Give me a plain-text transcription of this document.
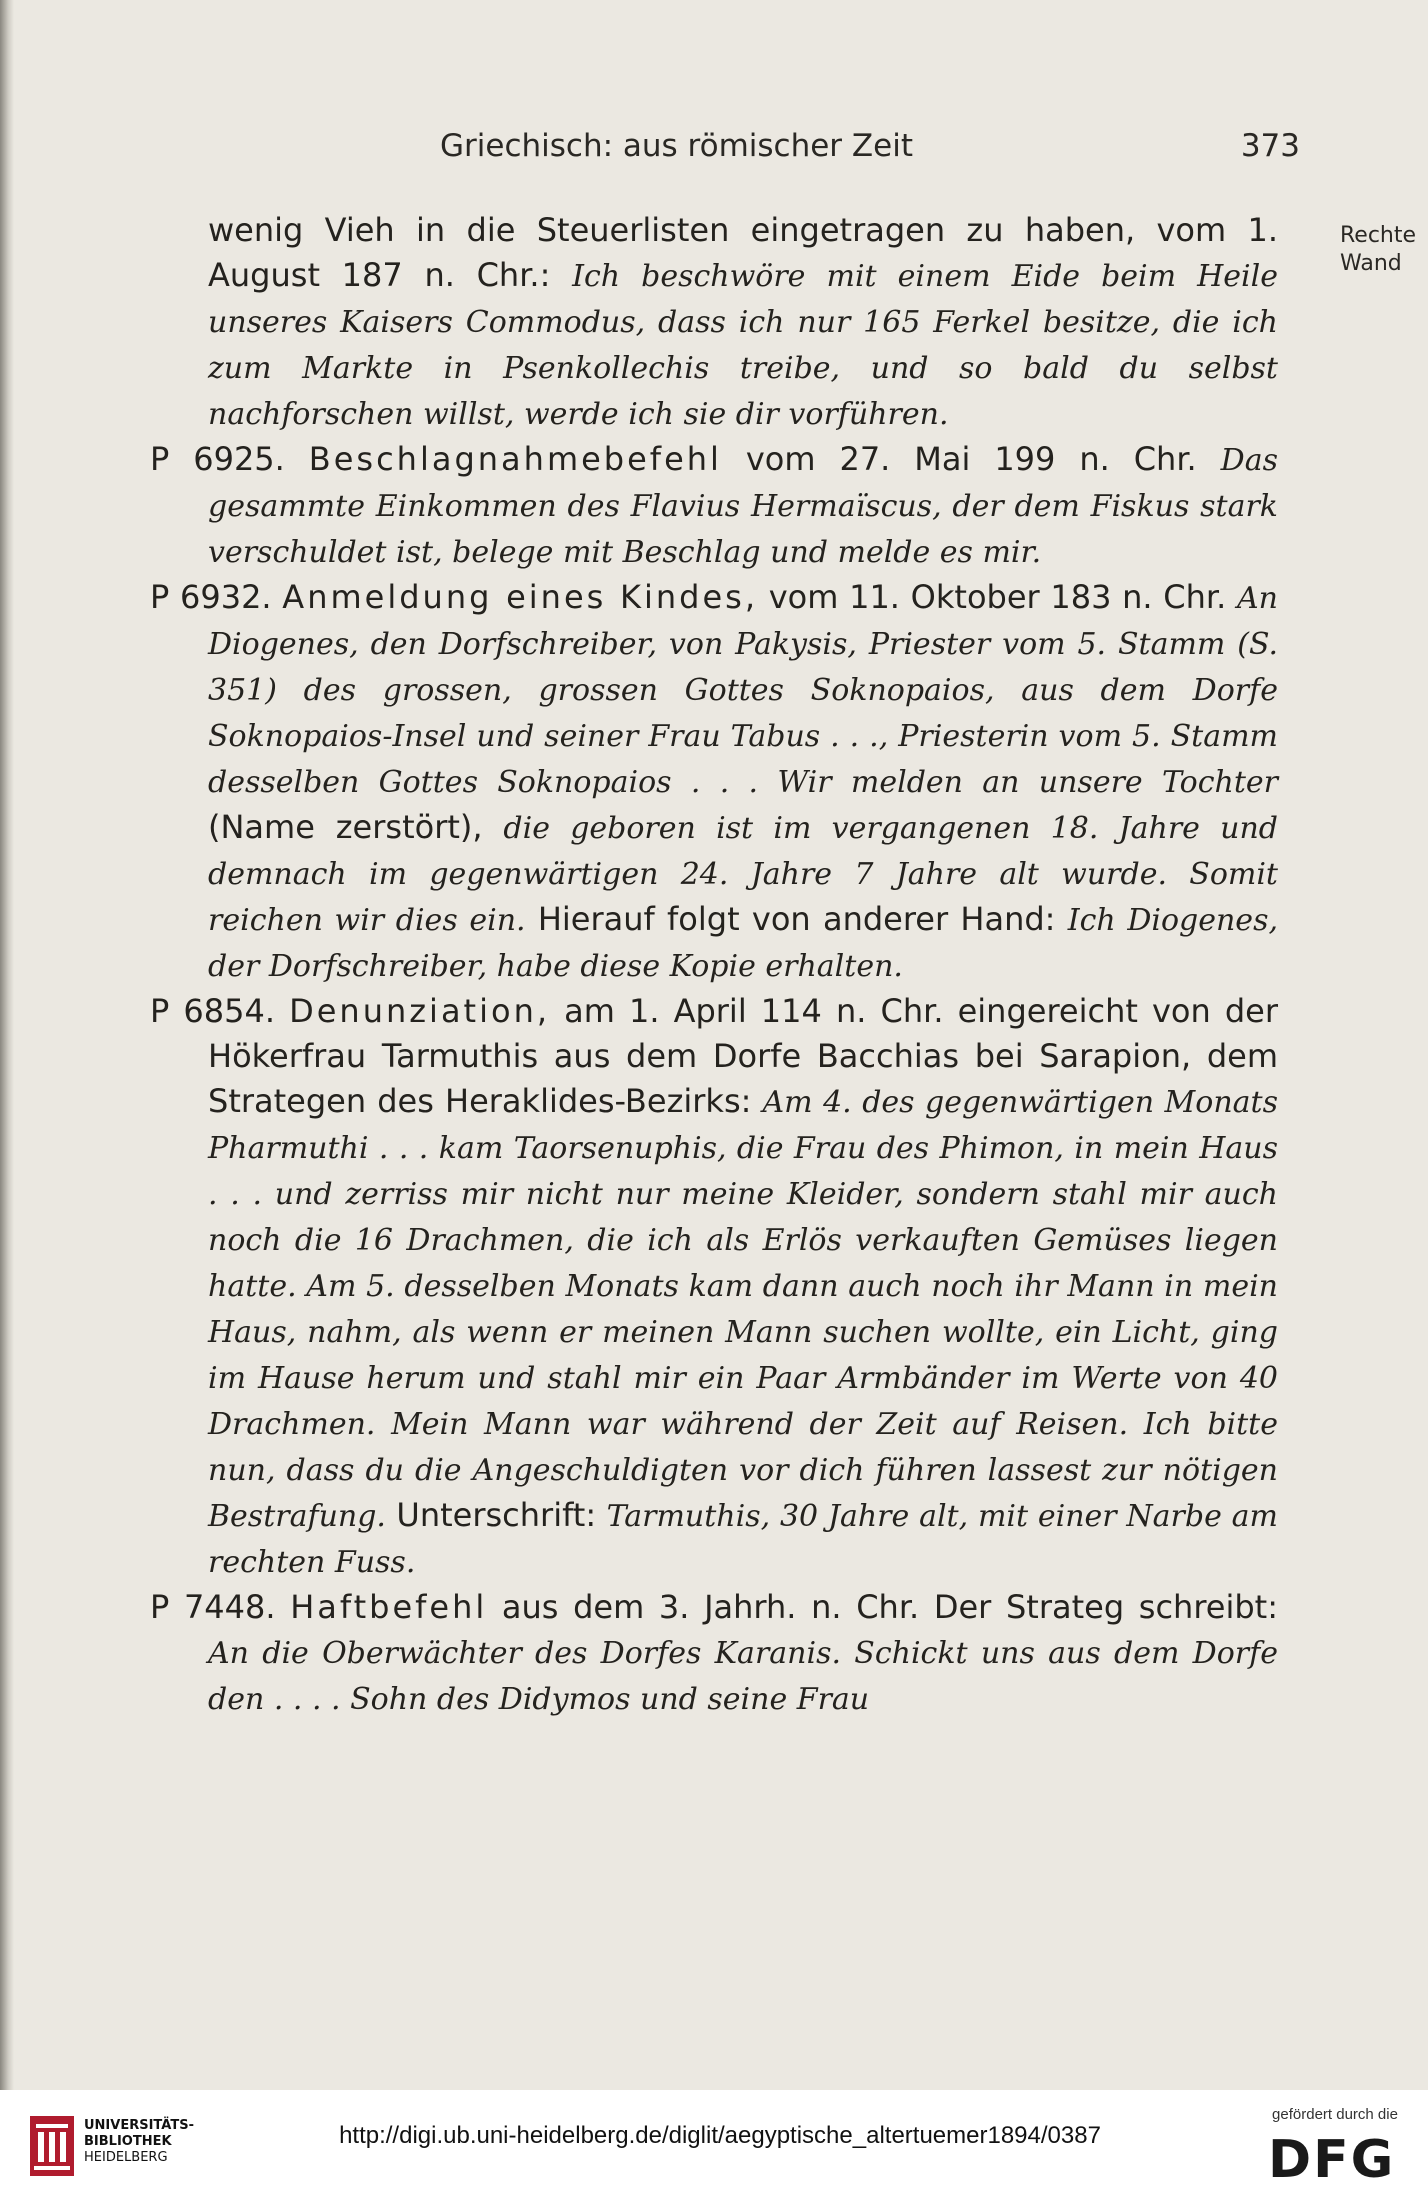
Griechisch: aus römischer Zeit	373
Rechte
Wand

wenig Vieh in die Steuerlisten eingetragen zu haben, vom 1. August 187 n. Chr.: Ich beschwöre mit einem Eide beim Heile unseres Kaisers Commodus, dass ich nur 165 Ferkel besitze, die ich zum Markte in Psenkollechis treibe, und so bald du selbst nachforschen willst, werde ich sie dir vorführen.

P 6925. Beschlagnahmebefehl vom 27. Mai 199 n. Chr. Das gesammte Einkommen des Flavius Hermaïscus, der dem Fiskus stark verschuldet ist, belege mit Beschlag und melde es mir.

P 6932. Anmeldung eines Kindes, vom 11. Oktober 183 n. Chr. An Diogenes, den Dorfschreiber, von Pakysis, Priester vom 5. Stamm (S. 351) des grossen, grossen Gottes Soknopaios, aus dem Dorfe Soknopaios-Insel und seiner Frau Tabus . . ., Priesterin vom 5. Stamm desselben Gottes Soknopaios . . . Wir melden an unsere Tochter (Name zerstört), die geboren ist im vergangenen 18. Jahre und demnach im gegenwärtigen 24. Jahre 7 Jahre alt wurde. Somit reichen wir dies ein. Hierauf folgt von anderer Hand: Ich Diogenes, der Dorfschreiber, habe diese Kopie erhalten.

P 6854. Denunziation, am 1. April 114 n. Chr. eingereicht von der Hökerfrau Tarmuthis aus dem Dorfe Bacchias bei Sarapion, dem Strategen des Heraklides-Bezirks: Am 4. des gegenwärtigen Monats Pharmuthi . . . kam Taorsenuphis, die Frau des Phimon, in mein Haus . . . und zerriss mir nicht nur meine Kleider, sondern stahl mir auch noch die 16 Drachmen, die ich als Erlös verkauften Gemüses liegen hatte. Am 5. desselben Monats kam dann auch noch ihr Mann in mein Haus, nahm, als wenn er meinen Mann suchen wollte, ein Licht, ging im Hause herum und stahl mir ein Paar Armbänder im Werte von 40 Drachmen. Mein Mann war während der Zeit auf Reisen. Ich bitte nun, dass du die Angeschuldigten vor dich führen lassest zur nötigen Bestrafung. Unterschrift: Tarmuthis, 30 Jahre alt, mit einer Narbe am rechten Fuss.

P 7448. Haftbefehl aus dem 3. Jahrh. n. Chr. Der Strateg schreibt: An die Oberwächter des Dorfes Karanis. Schickt uns aus dem Dorfe den . . . . Sohn des Didymos und seine Frau

UNIVERSITÄTS-
BIBLIOTHEK
HEIDELBERG
http://digi.ub.uni-heidelberg.de/diglit/aegyptische_altertuemer1894/0387
gefördert durch die
DFG
